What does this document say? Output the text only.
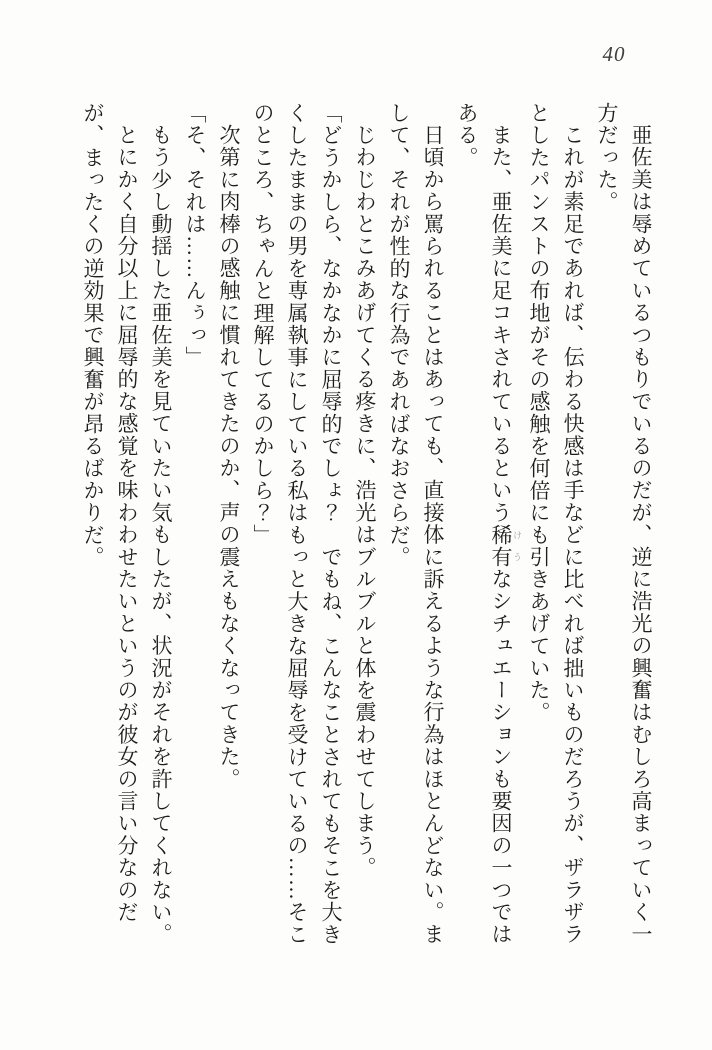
40

亜佐美は辱めているつもりでいるのだが、逆に浩光の興奮はむしろ高まっていく一方だった。

これが素足であれば、伝わる快感は手などに比べれば拙いものだろうが、ザラザラとしたパンストの布地がその感触を何倍にも引きあげていた。

また、亜佐美に足コキされているという稀有 けうなシチュエーションも要因の一つではある。

日頃から罵られることはあっても、直接体に訴えるような行為はほとんどない。まして、それが性的な行為であればなおさらだ。

じわじわとこみあげてくる疼きに、浩光はブルブルと体を震わせてしまう。

「どうかしら、なかなかに屈辱的でしょ？　でもね、こんなことされてもそこを大きくしたままの男を専属執事にしている私はもっと大きな屈辱を受けているの……そこのところ、ちゃんと理解してるのかしら？」

次第に肉棒の感触に慣れてきたのか、声の震えもなくなってきた。

「そ、それは……んぅっ」

もう少し動揺した亜佐美を見ていたい気もしたが、状況がそれを許してくれない。

とにかく自分以上に屈辱的な感覚を味わわせたいというのが彼女の言い分なのだが、まったくの逆効果で興奮が昂るばかりだ。
